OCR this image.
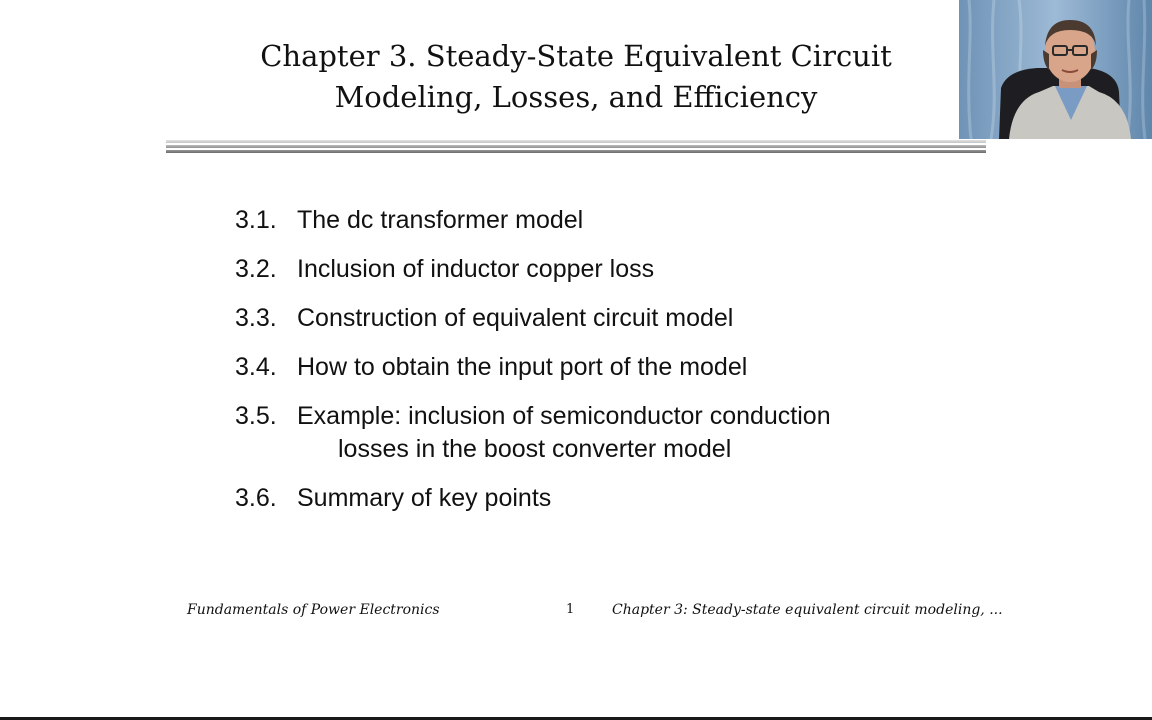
Chapter 3. Steady-State Equivalent Circuit
Modeling, Losses, and Efficiency
3.1. The dc transformer model
3.2. Inclusion of inductor copper loss
3.3. Construction of equivalent circuit model
3.4. How to obtain the input port of the model
3.5. Example: inclusion of semiconductor conduction
losses in the boost converter model
3.6. Summary of key points
Fundamentals of Power Electronics	1	Chapter 3: Steady-state equivalent circuit modeling, ...
